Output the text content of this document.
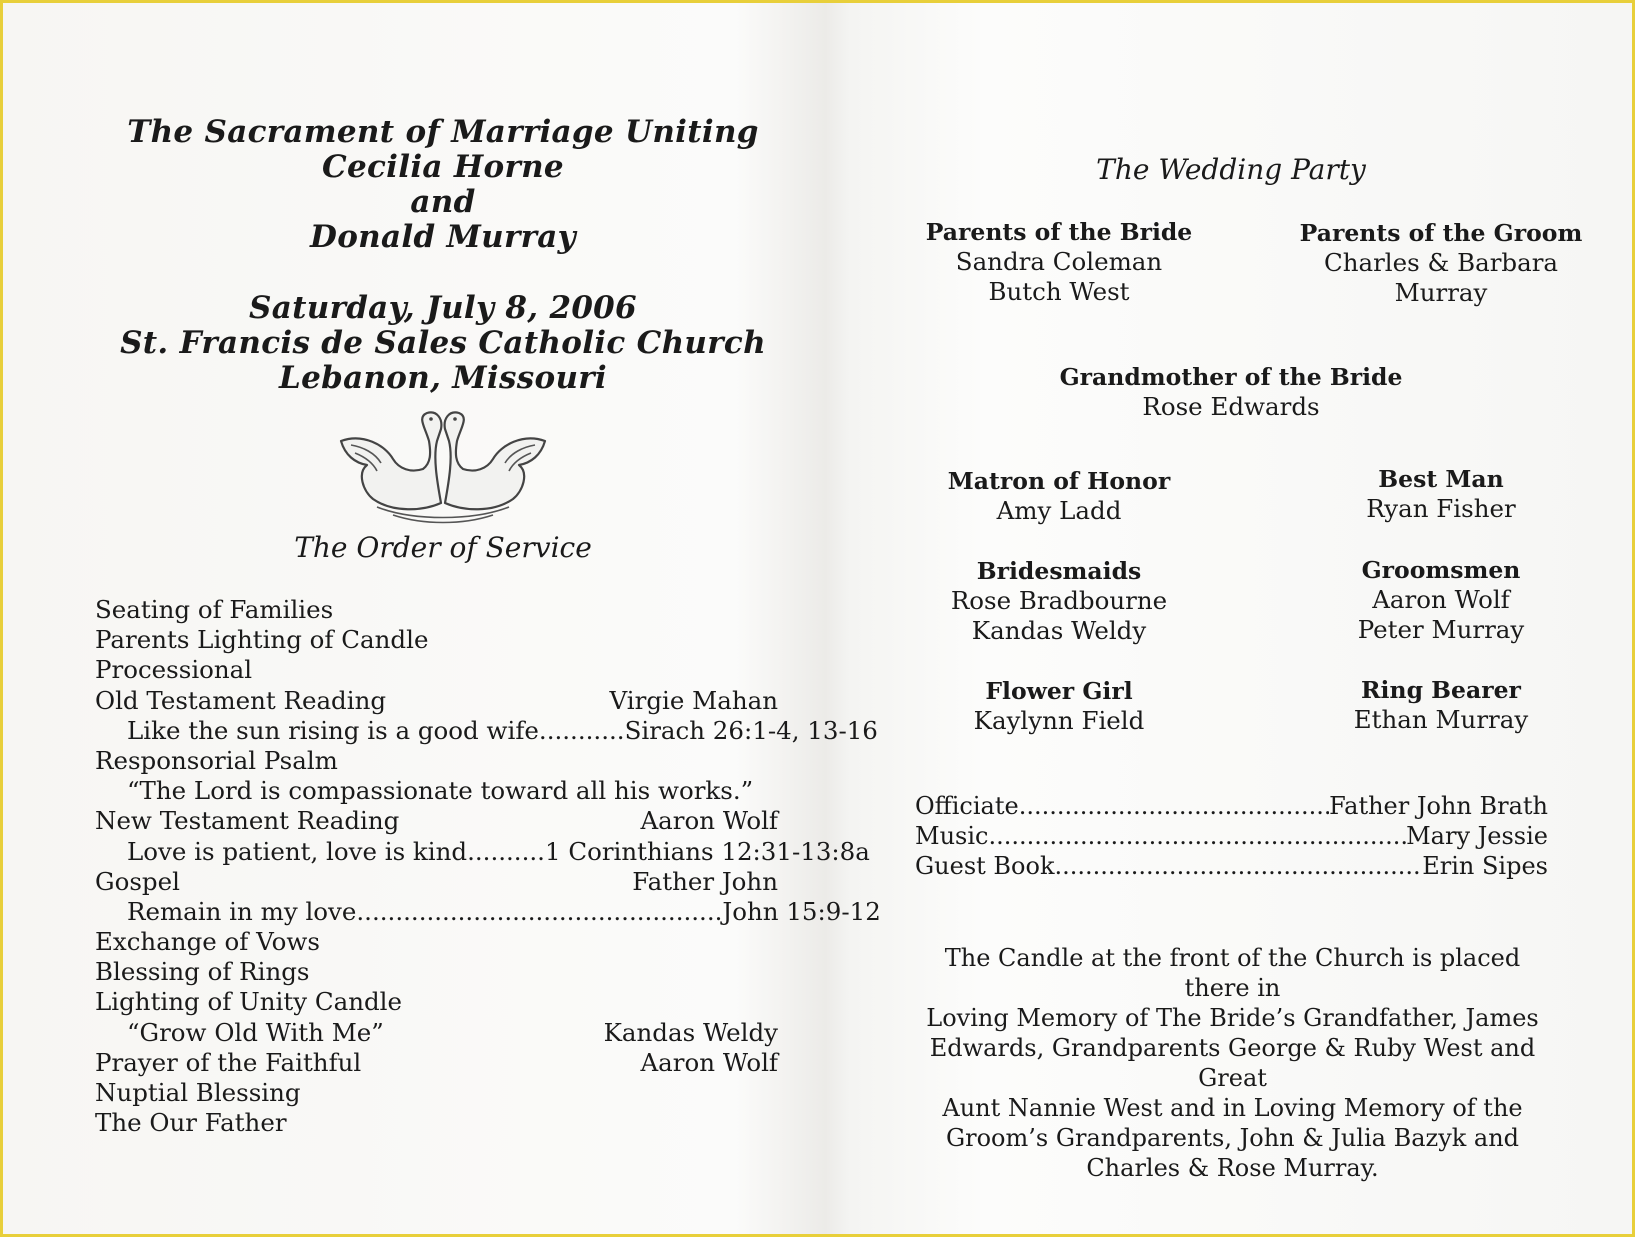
The Sacrament of Marriage Uniting
Cecilia Horne
and
Donald Murray
Saturday, July 8, 2006
St. Francis de Sales Catholic Church
Lebanon, Missouri
The Order of Service
Seating of Families
Parents Lighting of Candle
Processional
Old Testament Reading	Virgie Mahan
Like the sun rising is a good wife...........Sirach 26:1-4, 13-16
Responsorial Psalm
“The Lord is compassionate toward all his works.”
New Testament Reading	Aaron Wolf
Love is patient, love is kind..........1 Corinthians 12:31-13:8a
Gospel	Father John
Remain in my love...............................................John 15:9-12
Exchange of Vows
Blessing of Rings
Lighting of Unity Candle
“Grow Old With Me”	Kandas Weldy
Prayer of the Faithful	Aaron Wolf
Nuptial Blessing
The Our Father
The Wedding Party
Parents of the Bride
Sandra Coleman
Butch West
Parents of the Groom
Charles & Barbara
Murray
Grandmother of the Bride
Rose Edwards
Matron of Honor
Amy Ladd
Best Man
Ryan Fisher
Bridesmaids
Rose Bradbourne
Kandas Weldy
Groomsmen
Aaron Wolf
Peter Murray
Flower Girl
Kaylynn Field
Ring Bearer
Ethan Murray
Officiate .....	Father John Brath
Music .....	Mary Jessie
Guest Book .....	Erin Sipes
The Candle at the front of the Church is placed there in
Loving Memory of The Bride’s Grandfather, James
Edwards, Grandparents George & Ruby West and Great
Aunt Nannie West and in Loving Memory of the
Groom’s Grandparents, John & Julia Bazyk and
Charles & Rose Murray.
